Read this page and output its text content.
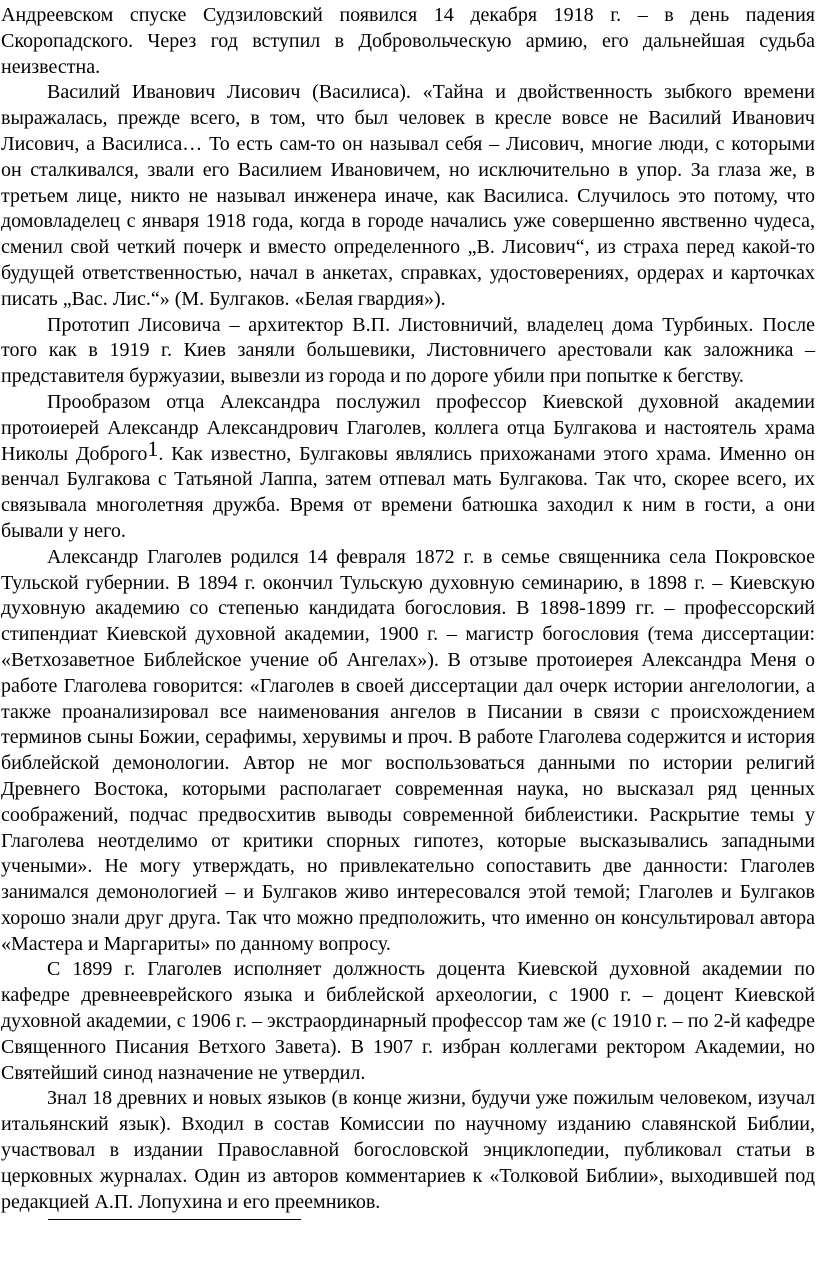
Андреевском спуске Судзиловский появился 14 декабря 1918 г. – в день падения Скоропадского. Через год вступил в Добровольческую армию, его дальнейшая судьба неизвестна.

Василий Иванович Лисович (Василиса). «Тайна и двойственность зыбкого времени выражалась, прежде всего, в том, что был человек в кресле вовсе не Василий Иванович Лисович, а Василиса… То есть сам-то он называл себя – Лисович, многие люди, с которыми он сталкивался, звали его Василием Ивановичем, но исключительно в упор. За глаза же, в третьем лице, никто не называл инженера иначе, как Василиса. Случилось это потому, что домовладелец с января 1918 года, когда в городе начались уже совершенно явственно чудеса, сменил свой четкий почерк и вместо определенного „В. Лисович“, из страха перед какой-то будущей ответственностью, начал в анкетах, справках, удостоверениях, ордерах и карточках писать „Вас. Лис.“» (М. Булгаков. «Белая гвардия»).

Прототип Лисовича – архитектор В.П. Листовничий, владелец дома Турбиных. После того как в 1919 г. Киев заняли большевики, Листовничего арестовали как заложника – представителя буржуазии, вывезли из города и по дороге убили при попытке к бегству.

Прообразом отца Александра послужил профессор Киевской духовной академии протоиерей Александр Александрович Глаголев, коллега отца Булгакова и настоятель храма Николы Доброго1. Как известно, Булгаковы являлись прихожанами этого храма. Именно он венчал Булгакова с Татьяной Лаппа, затем отпевал мать Булгакова. Так что, скорее всего, их связывала многолетняя дружба. Время от времени батюшка заходил к ним в гости, а они бывали у него.

Александр Глаголев родился 14 февраля 1872 г. в семье священника села Покровское Тульской губернии. В 1894 г. окончил Тульскую духовную семинарию, в 1898 г. – Киевскую духовную академию со степенью кандидата богословия. В 1898-1899 гг. – профессорский стипендиат Киевской духовной академии, 1900 г. – магистр богословия (тема диссертации: «Ветхозаветное Библейское учение об Ангелах»). В отзыве протоиерея Александра Меня о работе Глаголева говорится: «Глаголев в своей диссертации дал очерк истории ангелологии, а также проанализировал все наименования ангелов в Писании в связи с происхождением терминов сыны Божии, серафимы, херувимы и проч. В работе Глаголева содержится и история библейской демонологии. Автор не мог воспользоваться данными по истории религий Древнего Востока, которыми располагает современная наука, но высказал ряд ценных соображений, подчас предвосхитив выводы современной библеистики. Раскрытие темы у Глаголева неотделимо от критики спорных гипотез, которые высказывались западными учеными». Не могу утверждать, но привлекательно сопоставить две данности: Глаголев занимался демонологией – и Булгаков живо интересовался этой темой; Глаголев и Булгаков хорошо знали друг друга. Так что можно предположить, что именно он консультировал автора «Мастера и Маргариты» по данному вопросу.

С 1899 г. Глаголев исполняет должность доцента Киевской духовной академии по кафедре древнееврейского языка и библейской археологии, с 1900 г. – доцент Киевской духовной академии, с 1906 г. – экстраординарный профессор там же (с 1910 г. – по 2-й кафедре Священного Писания Ветхого Завета). В 1907 г. избран коллегами ректором Академии, но Святейший синод назначение не утвердил.

Знал 18 древних и новых языков (в конце жизни, будучи уже пожилым человеком, изучал итальянский язык). Входил в состав Комиссии по научному изданию славянской Библии, участвовал в издании Православной богословской энциклопедии, публиковал статьи в церковных журналах. Один из авторов комментариев к «Толковой Библии», выходившей под редакцией А.П. Лопухина и его преемников.
